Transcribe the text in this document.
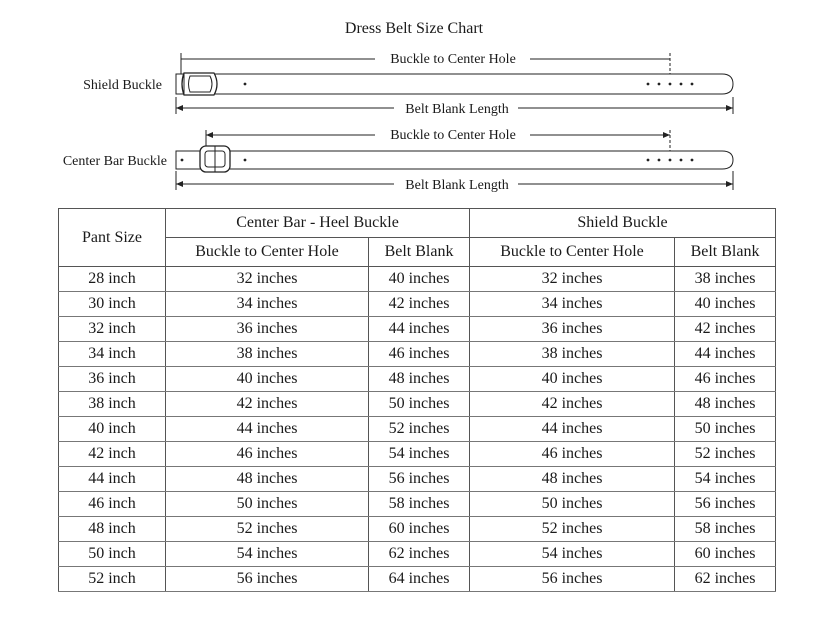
Dress Belt Size Chart
Buckle to Center Hole
Shield Buckle
Belt Blank Length
Buckle to Center Hole
Center Bar Buckle
Belt Blank Length
Pant Size	Center Bar - Heel Buckle		Shield Buckle	
	Buckle to Center Hole	Belt Blank	Buckle to Center Hole	Belt Blank
28 inch	32 inches	40 inches	32 inches	38 inches
30 inch	34 inches	42 inches	34 inches	40 inches
32 inch	36 inches	44 inches	36 inches	42 inches
34 inch	38 inches	46 inches	38 inches	44 inches
36 inch	40 inches	48 inches	40 inches	46 inches
38 inch	42 inches	50 inches	42 inches	48 inches
40 inch	44 inches	52 inches	44 inches	50 inches
42 inch	46 inches	54 inches	46 inches	52 inches
44 inch	48 inches	56 inches	48 inches	54 inches
46 inch	50 inches	58 inches	50 inches	56 inches
48 inch	52 inches	60 inches	52 inches	58 inches
50 inch	54 inches	62 inches	54 inches	60 inches
52 inch	56 inches	64 inches	56 inches	62 inches
